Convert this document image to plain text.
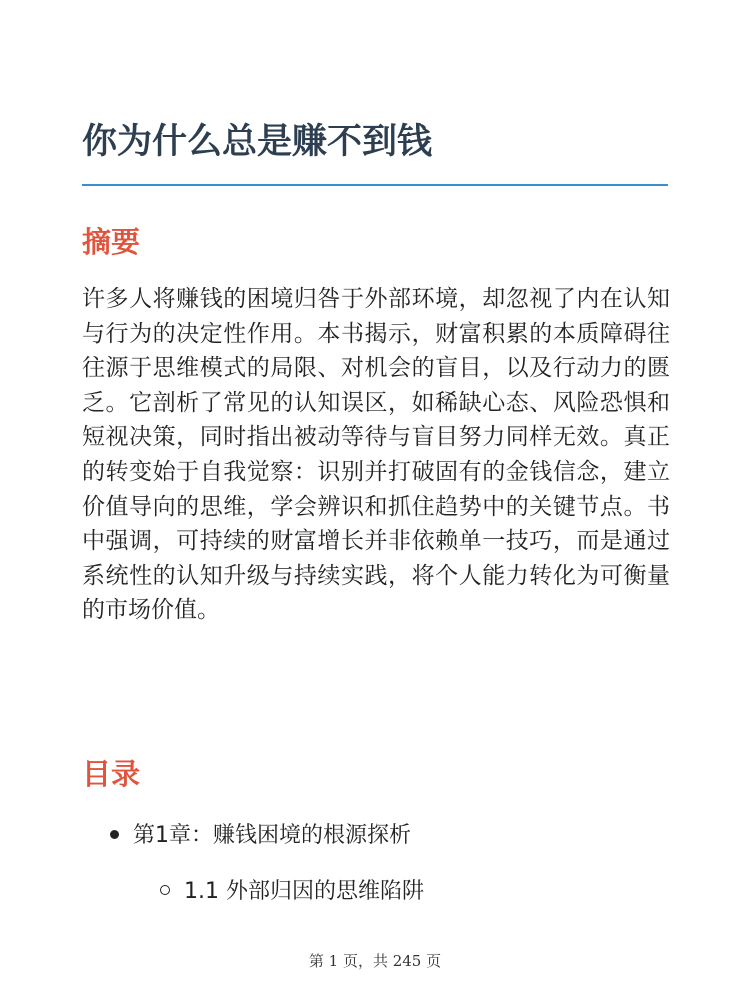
你为什么总是赚不到钱
摘要

许多人将赚钱的困境归咎于外部环境，却忽视了内在认知与行为的决定性作用。本书揭示，财富积累的本质障碍往往源于思维模式的局限、对机会的盲目，以及行动力的匮乏。它剖析了常见的认知误区，如稀缺心态、风险恐惧和短视决策，同时指出被动等待与盲目努力同样无效。真正的转变始于自我觉察：识别并打破固有的金钱信念，建立价值导向的思维，学会辨识和抓住趋势中的关键节点。书中强调，可持续的财富增长并非依赖单一技巧，而是通过系统性的认知升级与持续实践，将个人能力转化为可衡量的市场价值。

目录
第1章：赚钱困境的根源探析
1.1 外部归因的思维陷阱
第 1 页，共 245 页
